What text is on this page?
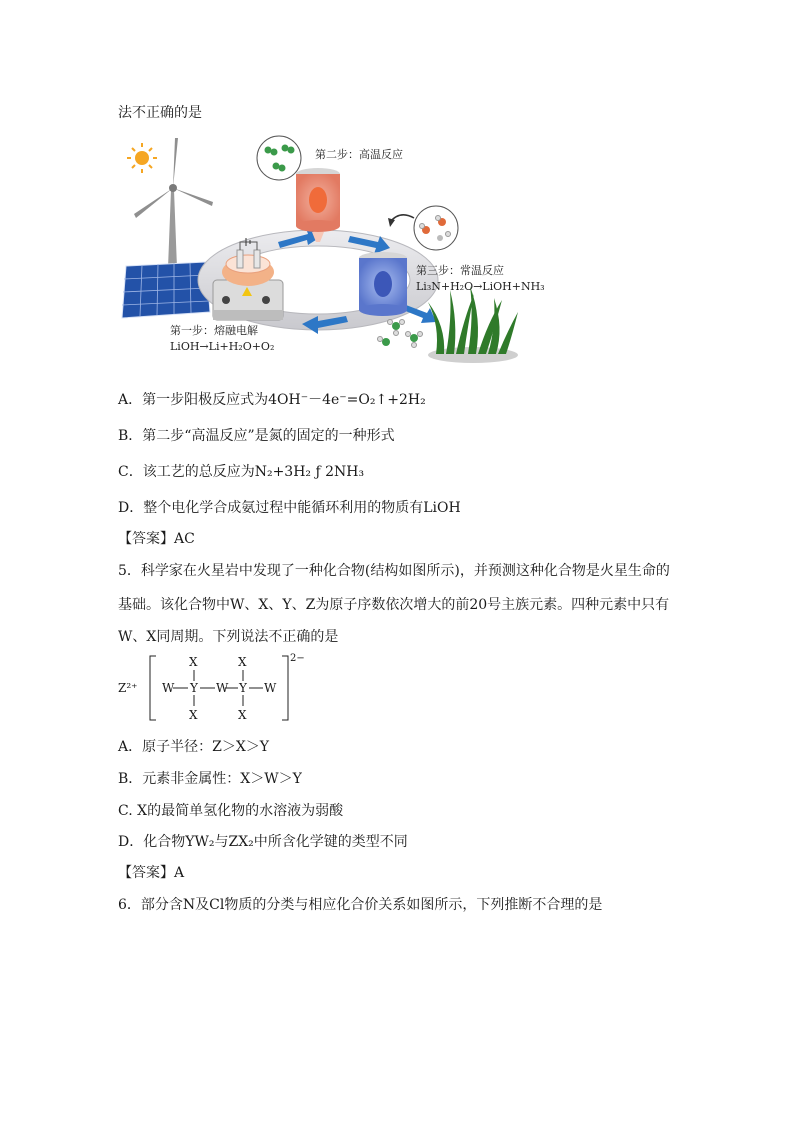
法不正确的是
第二步：高温反应
第三步：常温反应
Li₃N+H₂O→LiOH+NH₃
第一步：熔融电解
LiOH→Li+H₂O+O₂
A．第一步阳极反应式为4OH⁻－4e⁻=O₂↑+2H₂
B．第二步“高温反应”是氮的固定的一种形式
C．该工艺的总反应为N₂+3H₂ ƒ 2NH₃
D．整个电化学合成氨过程中能循环利用的物质有LiOH
【答案】AC
5．科学家在火星岩中发现了一种化合物(结构如图所示)，并预测这种化合物是火星生命的
基础。该化合物中W、X、Y、Z为原子序数依次增大的前20号主族元素。四种元素中只有
W、X同周期。下列说法不正确的是
Z²⁺
2−
X	X
W Y W Y W
X	X
A．原子半径：Z＞X＞Y
B．元素非金属性：X＞W＞Y
C. X的最简单氢化物的水溶液为弱酸
D．化合物YW₂与ZX₂中所含化学键的类型不同
【答案】A
6．部分含N及Cl物质的分类与相应化合价关系如图所示，下列推断不合理的是
